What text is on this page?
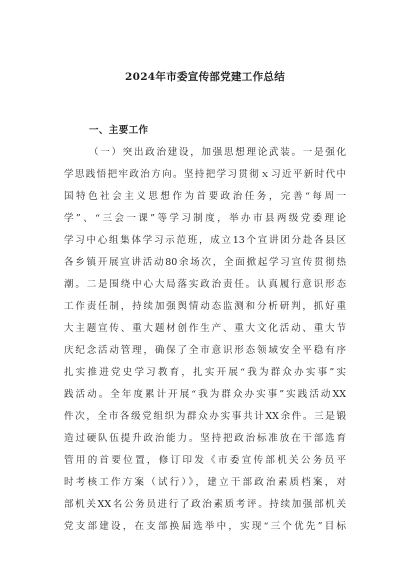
2024年市委宣传部党建工作总结
一、主要工作
（一）突出政治建设，加强思想理论武装。一是强化
学思践悟把牢政治方向。坚持把学习贯彻ｘ习近平新时代中
国特色社会主义思想作为首要政治任务，完善“每周一
学”、“三会一课”等学习制度，举办市县两级党委理论
学习中心组集体学习示范班，成立13个宣讲团分赴各县区
各乡镇开展宣讲活动80余场次，全面掀起学习宣传贯彻热
潮。二是围绕中心大局落实政治责任。认真履行意识形态
工作责任制，持续加强舆情动态监测和分析研判，抓好重
大主题宣传、重大题材创作生产、重大文化活动、重大节
庆纪念活动管理，确保了全市意识形态领域安全平稳有序
扎实推进党史学习教育，扎实开展“我为群众办实事”实
践活动。全年度累计开展“我为群众办实事”实践活动XX
件次，全市各级党组织为群众办实事共计XX余件。三是锻
造过硬队伍提升政治能力。坚持把政治标准放在干部选育
管用的首要位置，修订印发《市委宣传部机关公务员平
时考核工作方案（试行）》，建立干部政治素质档案，对
部机关XX名公务员进行了政治素质考评。持续加强部机关
党支部建设，在支部换届选举中，实现“三个优先”目标
